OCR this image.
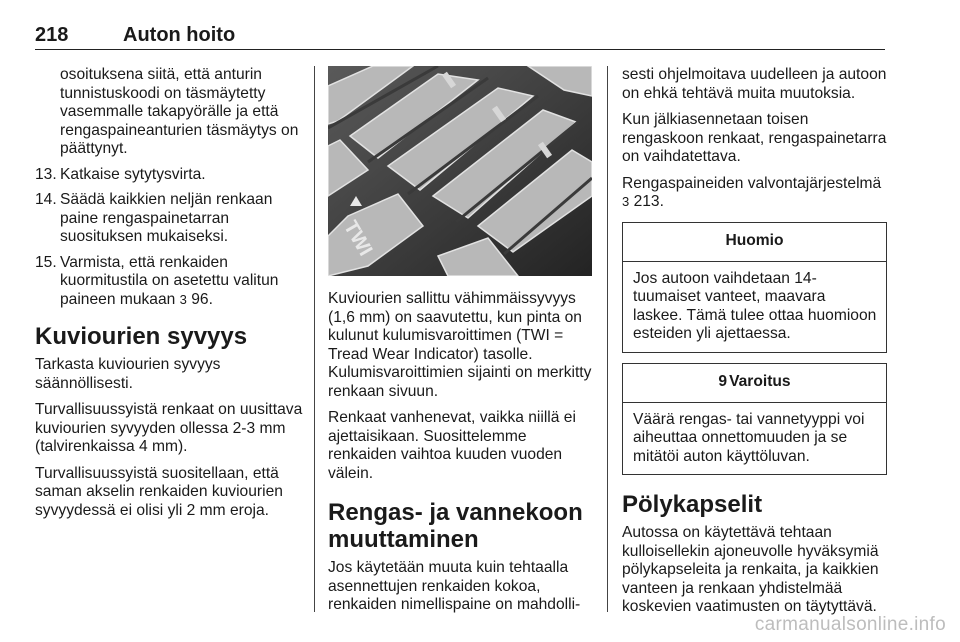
218	Auton hoito

osoituksena siitä, että anturin tunnistuskoodi on täsmäytetty vasemmalle takapyörälle ja että rengaspaineanturien täsmäytys on päättynyt.

13. Katkaise sytytysvirta.
14. Säädä kaikkien neljän renkaan paine rengaspainetarran suosituksen mukaiseksi.
15. Varmista, että renkaiden kuormitustila on asetettu valitun paineen mukaan 3 96.
Kuviourien syvyys

Tarkasta kuviourien syvyys säännöllisesti.

Turvallisuussyistä renkaat on uusittava kuviourien syvyyden ollessa 2-3 mm (talvirenkaissa 4 mm).

Turvallisuussyistä suositellaan, että saman akselin renkaiden kuviourien syvyydessä ei olisi yli 2 mm eroja.

TWI

Kuviourien sallittu vähimmäissyvyys (1,6 mm) on saavutettu, kun pinta on kulunut kulumisvaroittimen (TWI = Tread Wear Indicator) tasolle. Kulumisvaroittimien sijainti on merkitty renkaan sivuun.

Renkaat vanhenevat, vaikka niillä ei ajettaisikaan. Suosittelemme renkaiden vaihtoa kuuden vuoden välein.

Rengas- ja vannekoon muuttaminen

Jos käytetään muuta kuin tehtaalla asennettujen renkaiden kokoa, renkaiden nimellispaine on mahdolli-

sesti ohjelmoitava uudelleen ja autoon on ehkä tehtävä muita muutoksia.

Kun jälkiasennetaan toisen rengaskoon renkaat, rengaspainetarra on vaihdatettava.

Rengaspaineiden valvontajärjestelmä 3 213.

Huomio
Jos autoon vaihdetaan 14-tuumaiset vanteet, maavara laskee. Tämä tulee ottaa huomioon esteiden yli ajettaessa.
9 Varoitus
Väärä rengas- tai vannetyyppi voi aiheuttaa onnettomuuden ja se mitätöi auton käyttöluvan.
Pölykapselit

Autossa on käytettävä tehtaan kulloisellekin ajoneuvolle hyväksymiä pölykapseleita ja renkaita, ja kaikkien vanteen ja renkaan yhdistelmää koskevien vaatimusten on täytyttävä.

carmanualsonline.info
